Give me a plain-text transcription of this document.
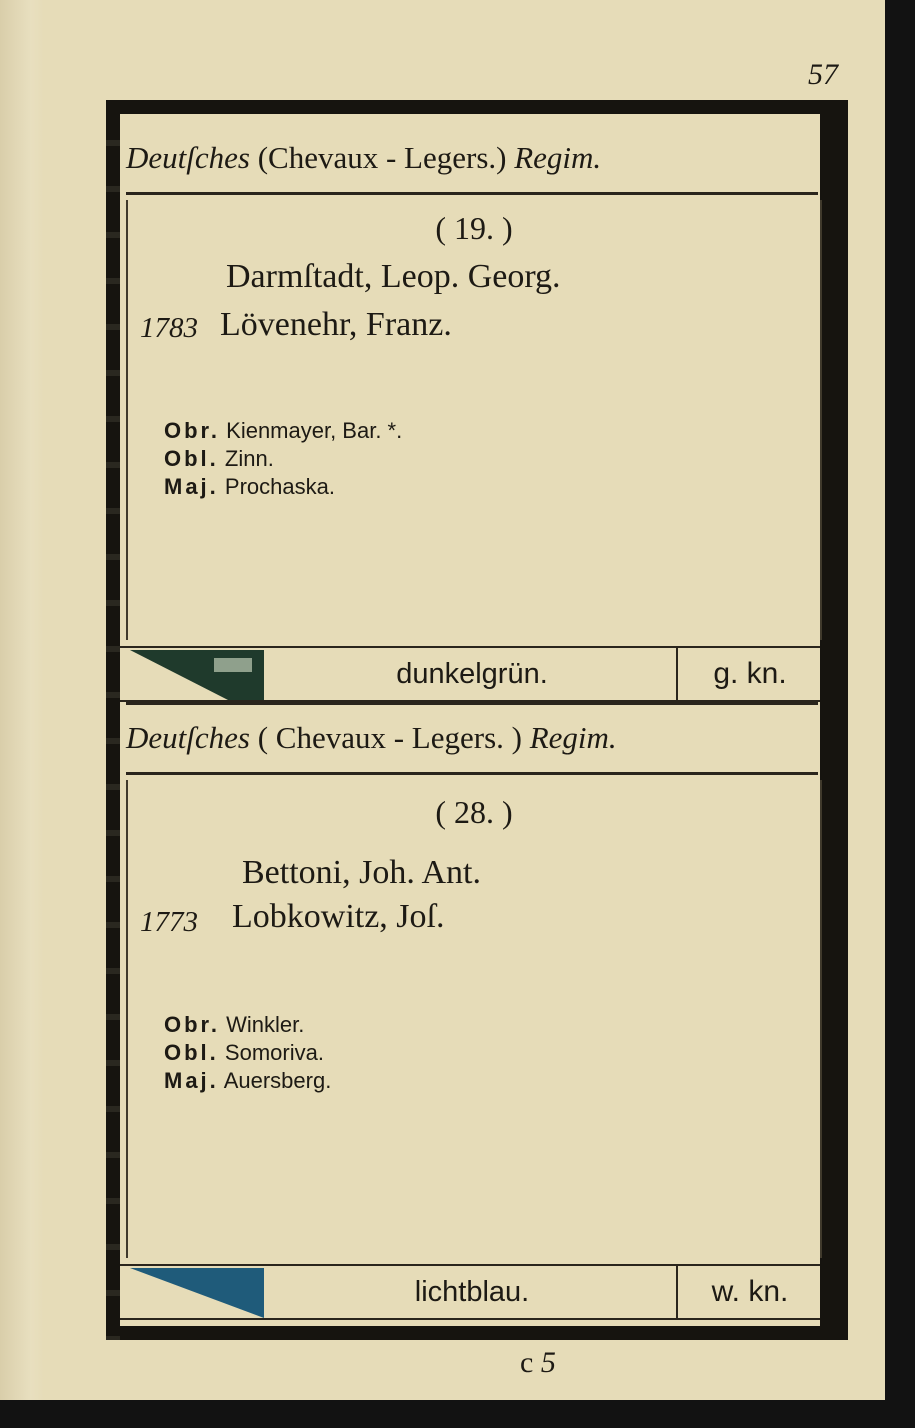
57
Deutſches (Chevaux - Legers.) Regim.
( 19. )
Darmſtadt, Leop. Georg.
1783 Lövenehr, Franz.
Obr. Kienmayer, Bar. *.
Obl. Zinn.
Maj. Prochaska.
dunkelgrün.	g. kn.
Deutſches ( Chevaux - Legers. ) Regim.
( 28. )
Bettoni, Joh. Ant.
1773 Lobkowitz, Joſ.
Obr. Winkler.
Obl. Somoriva.
Maj. Auersberg.
lichtblau.	w. kn.
c 5
